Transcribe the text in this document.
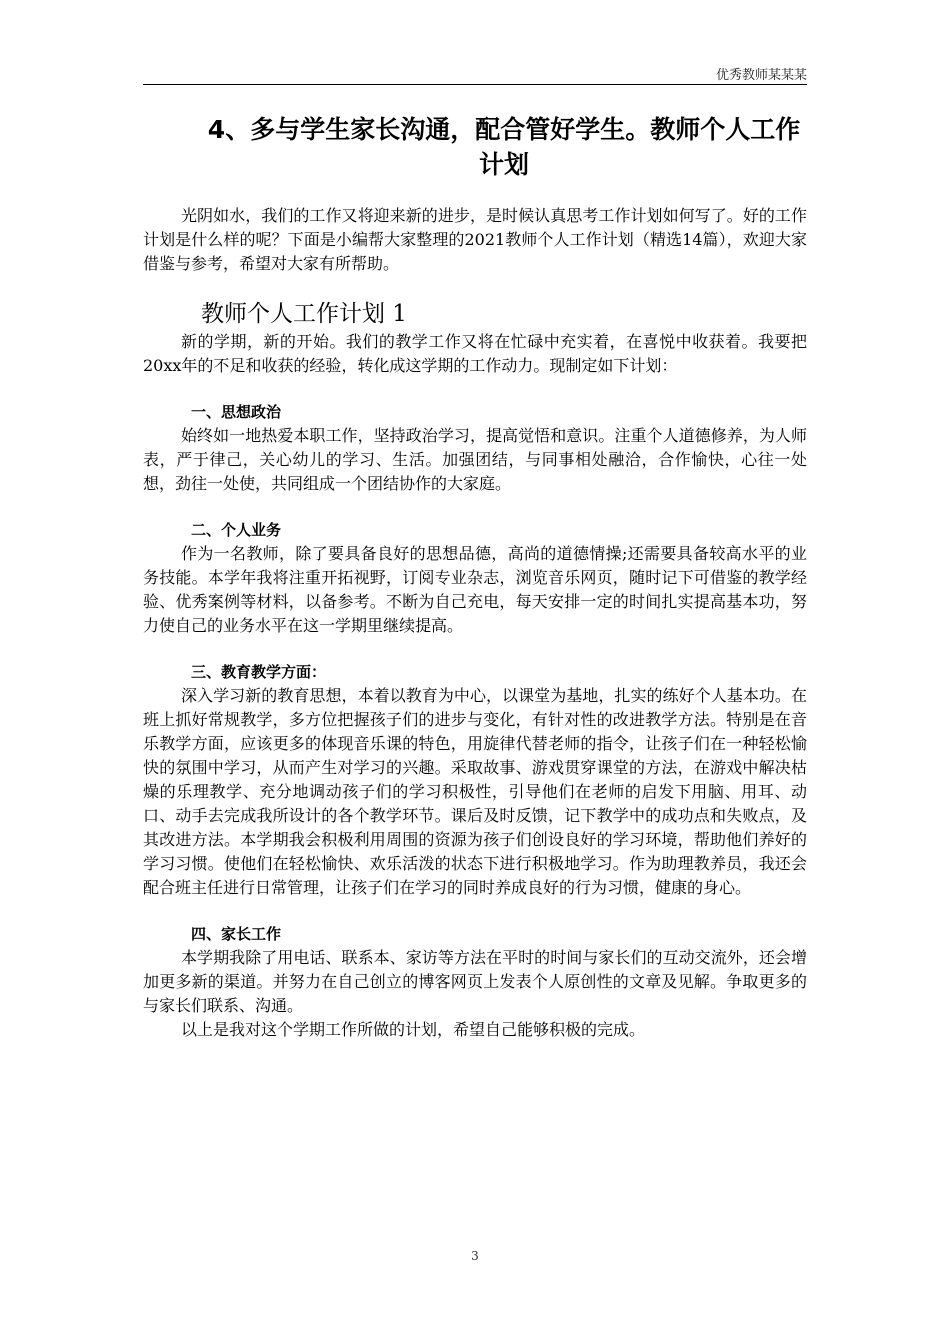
优秀教师某某某
4、多与学生家长沟通，配合管好学生。教师个人工作计划

光阴如水，我们的工作又将迎来新的进步，是时候认真思考工作计划如何写了。好的工作计划是什么样的呢？下面是小编帮大家整理的2021教师个人工作计划（精选14篇），欢迎大家借鉴与参考，希望对大家有所帮助。

教师个人工作计划 1

新的学期，新的开始。我们的教学工作又将在忙碌中充实着，在喜悦中收获着。我要把20xx年的不足和收获的经验，转化成这学期的工作动力。现制定如下计划：

一、思想政治

始终如一地热爱本职工作，坚持政治学习，提高觉悟和意识。注重个人道德修养，为人师表，严于律己，关心幼儿的学习、生活。加强团结，与同事相处融洽，合作愉快，心往一处想，劲往一处使，共同组成一个团结协作的大家庭。

二、个人业务

作为一名教师，除了要具备良好的思想品德，高尚的道德情操;还需要具备较高水平的业务技能。本学年我将注重开拓视野，订阅专业杂志，浏览音乐网页，随时记下可借鉴的教学经验、优秀案例等材料，以备参考。不断为自己充电，每天安排一定的时间扎实提高基本功，努力使自己的业务水平在这一学期里继续提高。

三、教育教学方面：

深入学习新的教育思想，本着以教育为中心，以课堂为基地，扎实的练好个人基本功。在班上抓好常规教学，多方位把握孩子们的进步与变化，有针对性的改进教学方法。特别是在音乐教学方面，应该更多的体现音乐课的特色，用旋律代替老师的指令，让孩子们在一种轻松愉快的氛围中学习，从而产生对学习的兴趣。采取故事、游戏贯穿课堂的方法，在游戏中解决枯燥的乐理教学、充分地调动孩子们的学习积极性，引导他们在老师的启发下用脑、用耳、动口、动手去完成我所设计的各个教学环节。课后及时反馈，记下教学中的成功点和失败点，及其改进方法。本学期我会积极利用周围的资源为孩子们创设良好的学习环境，帮助他们养好的学习习惯。使他们在轻松愉快、欢乐活泼的状态下进行积极地学习。作为助理教养员，我还会配合班主任进行日常管理，让孩子们在学习的同时养成良好的行为习惯，健康的身心。

四、家长工作

本学期我除了用电话、联系本、家访等方法在平时的时间与家长们的互动交流外，还会增加更多新的渠道。并努力在自己创立的博客网页上发表个人原创性的文章及见解。争取更多的与家长们联系、沟通。

以上是我对这个学期工作所做的计划，希望自己能够积极的完成。

3
